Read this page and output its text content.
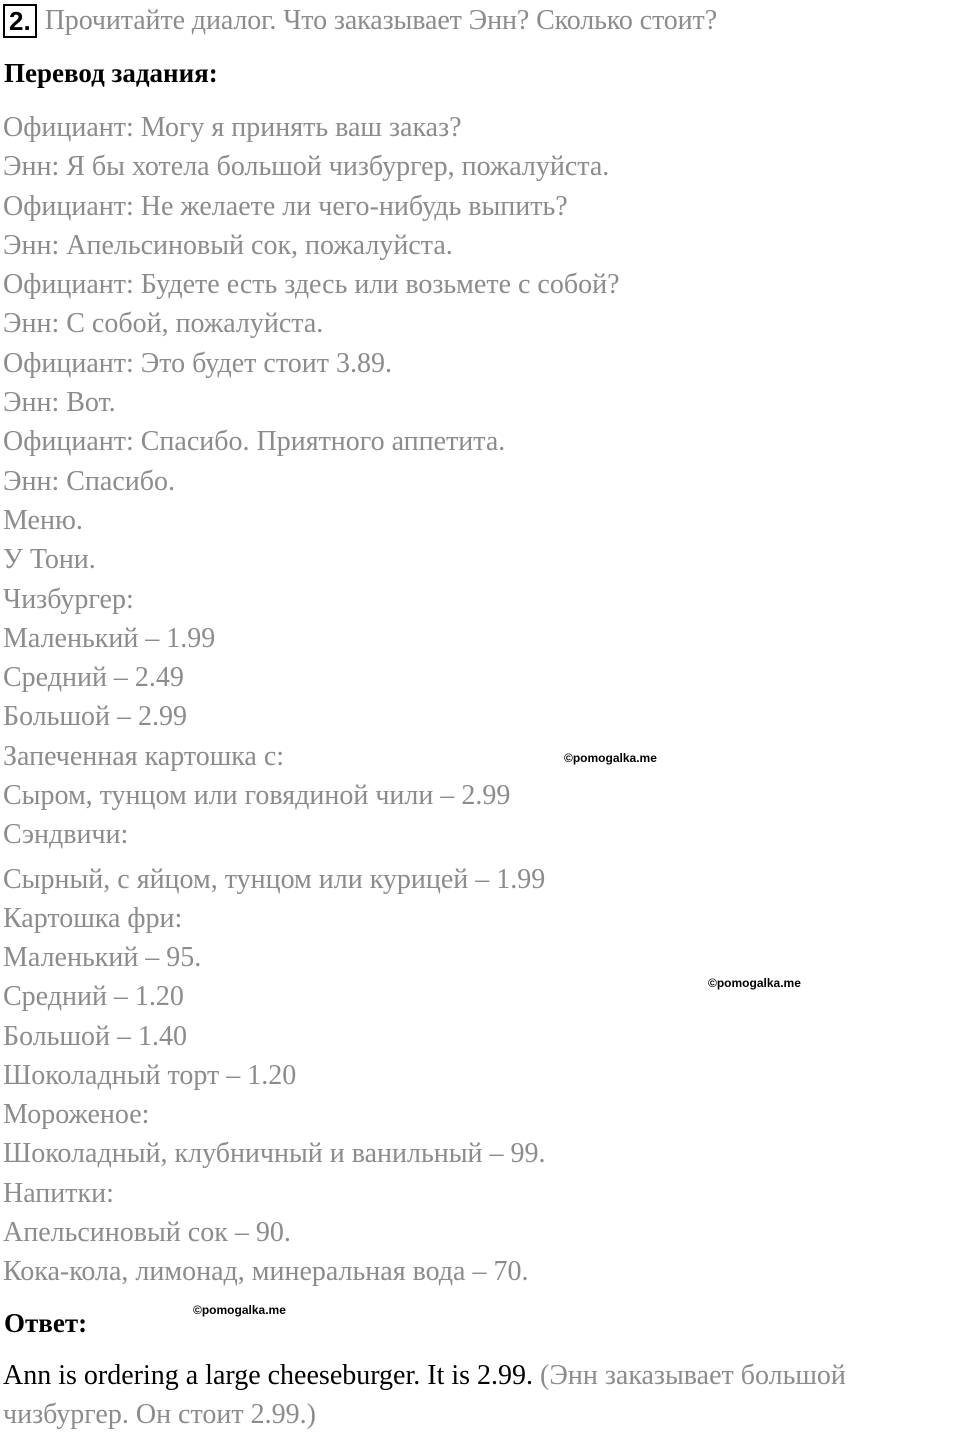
2. Прочитайте диалог. Что заказывает Энн? Сколько стоит?
Перевод задания:
Официант: Могу я принять ваш заказ?
Энн: Я бы хотела большой чизбургер, пожалуйста.
Официант: Не желаете ли чего-нибудь выпить?
Энн: Апельсиновый сок, пожалуйста.
Официант: Будете есть здесь или возьмете с собой?
Энн: С собой, пожалуйста.
Официант: Это будет стоит 3.89.
Энн: Вот.
Официант: Спасибо. Приятного аппетита.
Энн: Спасибо.
Меню.
У Тони.
Чизбургер:
Маленький – 1.99
Средний – 2.49
Большой – 2.99
Запеченная картошка с:
Сыром, тунцом или говядиной чили – 2.99
Сэндвичи:
Сырный, с яйцом, тунцом или курицей – 1.99
Картошка фри:
Маленький – 95.
Средний – 1.20
Большой – 1.40
Шоколадный торт – 1.20
Мороженое:
Шоколадный, клубничный и ванильный – 99.
Напитки:
Апельсиновый сок – 90.
Кока-кола, лимонад, минеральная вода – 70.
©pomogalka.me
©pomogalka.me
©pomogalka.me
Ответ:
Ann is ordering a large cheeseburger. It is 2.99. (Энн заказывает большой чизбургер. Он стоит 2.99.)
